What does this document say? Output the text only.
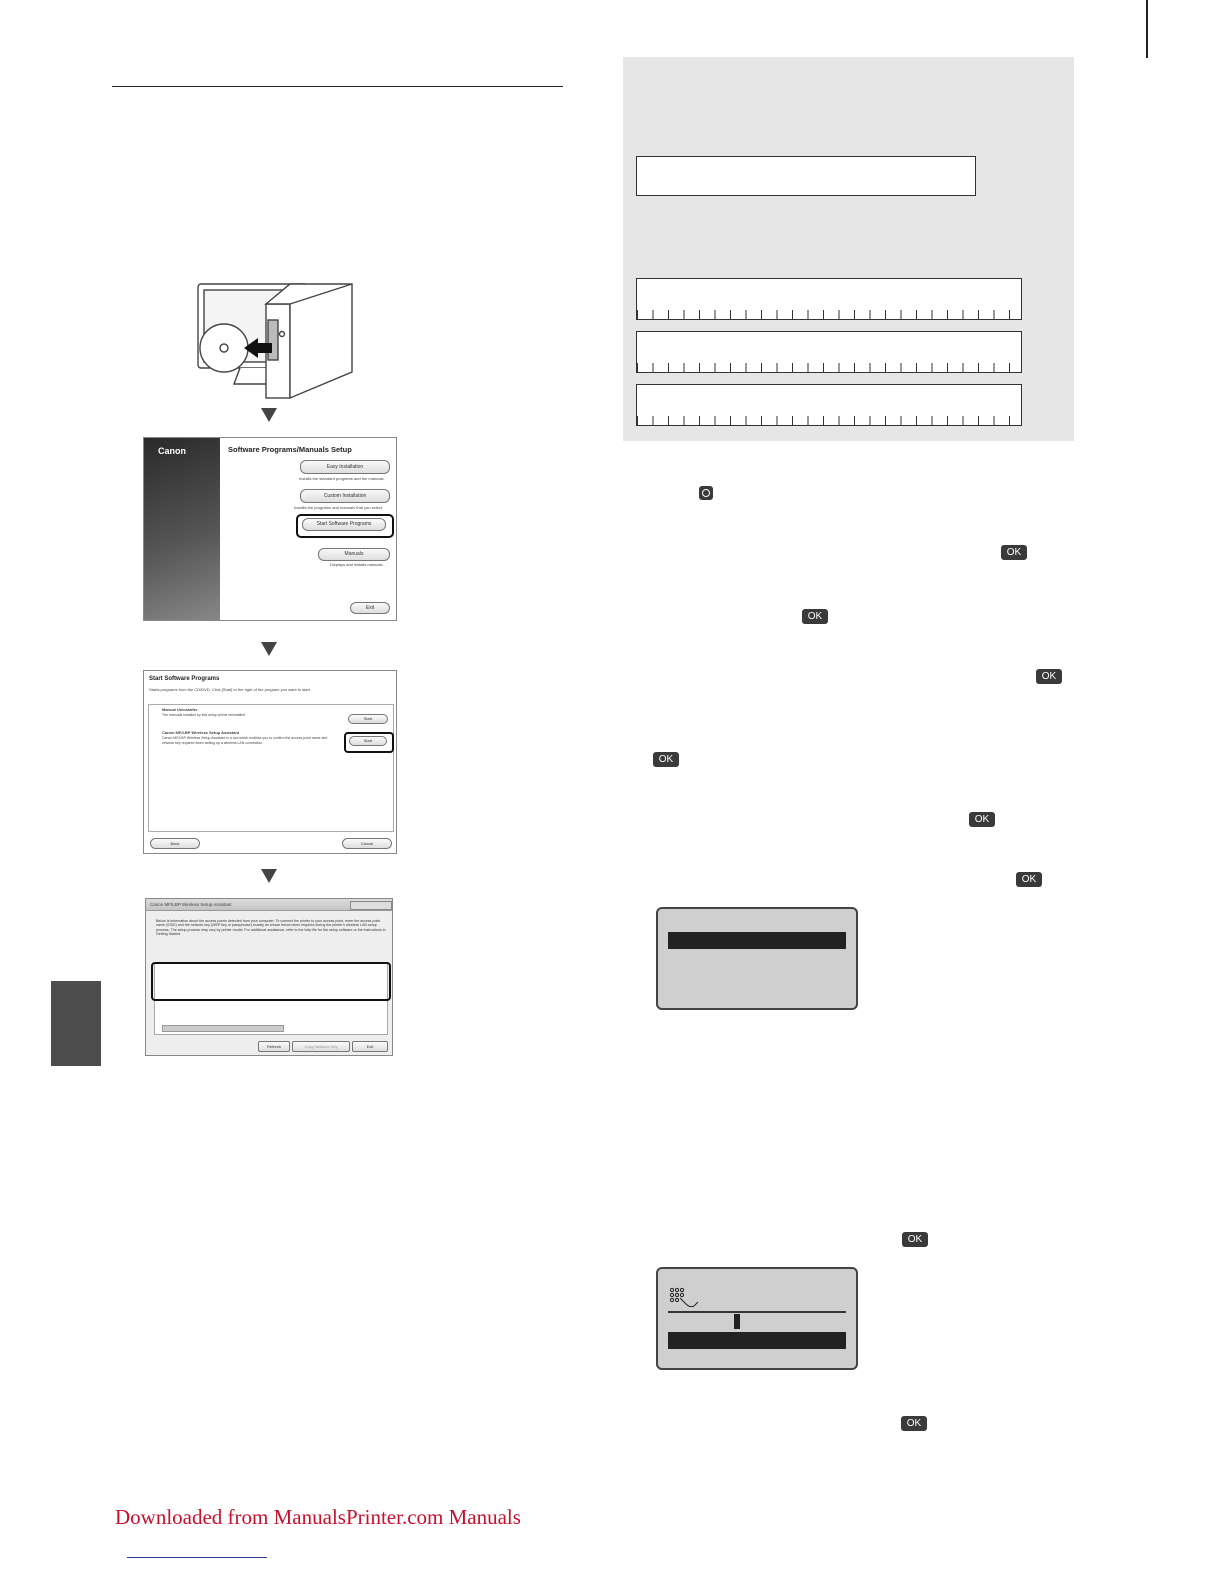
Canon	Software Programs/Manuals Setup
Easy Installation
Installs the standard programs and the manuals.
Custom Installation
Installs the programs and manuals that you select.
Start Software Programs
Manuals
Displays and installs manuals.
Exit
Start Software Programs
Starts programs from the CD/DVD. Click [Start] to the right of the program you want to start.
Manual Uninstaller
The manuals installed by this setup will be uninstalled.
Start
Canon MF/LBP Wireless Setup Assistant
Canon MF/LBP Wireless Setup Assistant is a tool which enables you to confirm the access point name and network key required when setting up a wireless LAN connection.	Start
Back	Cancel
Canon MF/LBP Wireless Setup Assistant
Below is information about the access points detected from your computer. To connect the printer to your access point, enter the access point name (SSID) and the network key (WEP key or passphrase) exactly as shown below when required during the printer's wireless LAN setup process. The setup process may vary by printer model. For additional assistance, refer to the help file for the setup software or the instructions in Getting Started.
Refresh	Copy Network Key	Exit
OK
OK
OK
OK
OK
OK
OK
OK
Downloaded from ManualsPrinter.com Manuals
